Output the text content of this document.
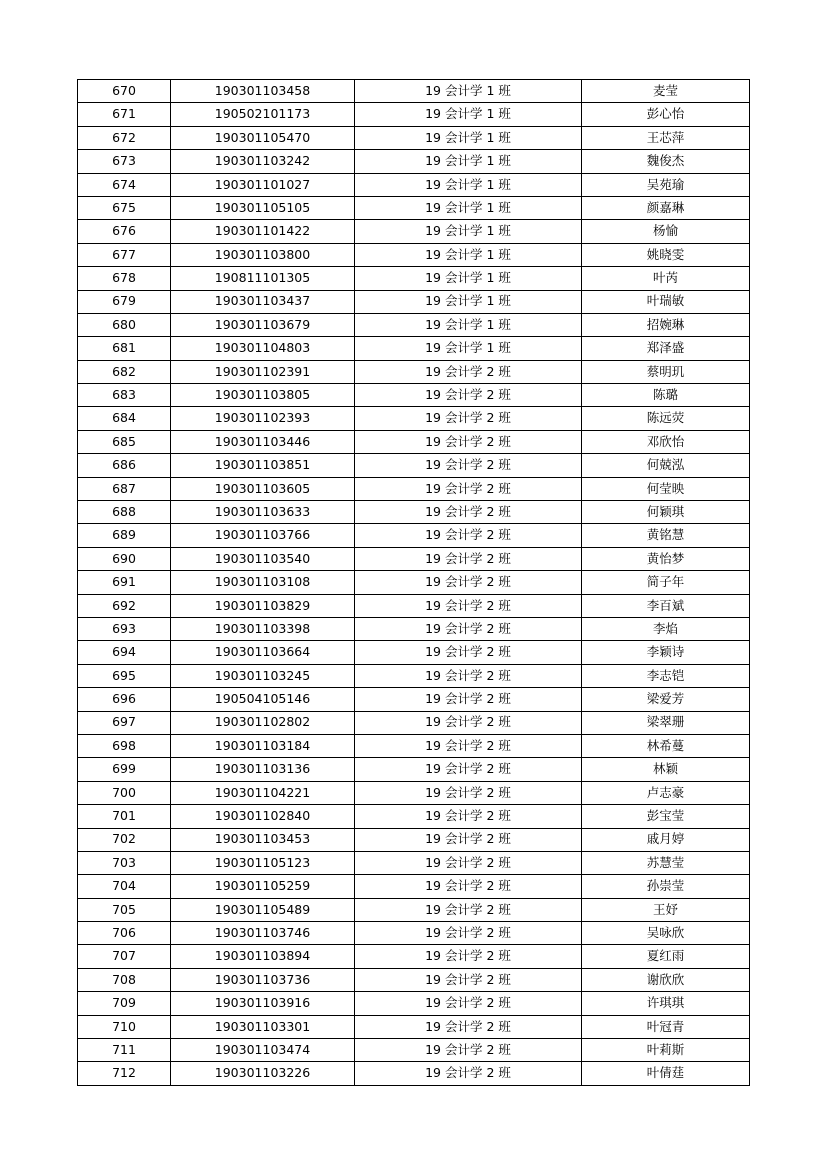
670	190301103458	19 会计学 1 班	麦莹
671	190502101173	19 会计学 1 班	彭心怡
672	190301105470	19 会计学 1 班	王芯萍
673	190301103242	19 会计学 1 班	魏俊杰
674	190301101027	19 会计学 1 班	吴苑瑜
675	190301105105	19 会计学 1 班	颜嘉琳
676	190301101422	19 会计学 1 班	杨愉
677	190301103800	19 会计学 1 班	姚晓雯
678	190811101305	19 会计学 1 班	叶芮
679	190301103437	19 会计学 1 班	叶瑞敏
680	190301103679	19 会计学 1 班	招婉琳
681	190301104803	19 会计学 1 班	郑泽盛
682	190301102391	19 会计学 2 班	蔡明玑
683	190301103805	19 会计学 2 班	陈璐
684	190301102393	19 会计学 2 班	陈远荧
685	190301103446	19 会计学 2 班	邓欣怡
686	190301103851	19 会计学 2 班	何兢泓
687	190301103605	19 会计学 2 班	何莹映
688	190301103633	19 会计学 2 班	何颖琪
689	190301103766	19 会计学 2 班	黄铭慧
690	190301103540	19 会计学 2 班	黄怡梦
691	190301103108	19 会计学 2 班	简子年
692	190301103829	19 会计学 2 班	李百斌
693	190301103398	19 会计学 2 班	李焰
694	190301103664	19 会计学 2 班	李颖诗
695	190301103245	19 会计学 2 班	李志铠
696	190504105146	19 会计学 2 班	梁爱芳
697	190301102802	19 会计学 2 班	梁翠珊
698	190301103184	19 会计学 2 班	林希蔓
699	190301103136	19 会计学 2 班	林颖
700	190301104221	19 会计学 2 班	卢志豪
701	190301102840	19 会计学 2 班	彭宝莹
702	190301103453	19 会计学 2 班	戚月婷
703	190301105123	19 会计学 2 班	苏慧莹
704	190301105259	19 会计学 2 班	孙崇莹
705	190301105489	19 会计学 2 班	王妤
706	190301103746	19 会计学 2 班	吴咏欣
707	190301103894	19 会计学 2 班	夏红雨
708	190301103736	19 会计学 2 班	谢欣欣
709	190301103916	19 会计学 2 班	许琪琪
710	190301103301	19 会计学 2 班	叶冠青
711	190301103474	19 会计学 2 班	叶莉斯
712	190301103226	19 会计学 2 班	叶倩莛
